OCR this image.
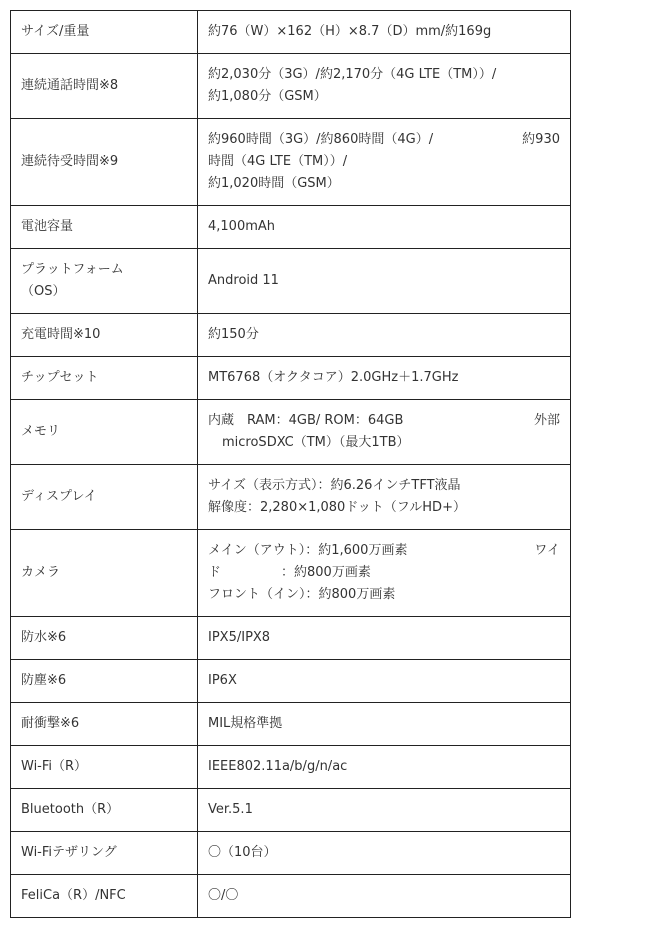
サイズ/重量	約76（W）×162（H）×8.7（D）mm/約169g

連続通話時間※8	約2,030分（3G）/約2,170分（4G LTE（TM））/
約1,080分（GSM）

連続待受時間※9	約960時間（3G）/約860時間（4G）/ 約930
時間（4G LTE（TM））/
約1,020時間（GSM）

電池容量	4,100mAh

プラットフォーム
（OS）	Android 11

充電時間※10	約150分

チップセット	MT6768（オクタコア）2.0GHz＋1.7GHz

メモリ	内蔵　RAM：4GB/ ROM：64GB 外部
microSDXC（TM）（最大1TB）

ディスプレイ	サイズ（表示方式）：約6.26インチTFT液晶
解像度：2,280×1,080ドット（フルHD+）

カメラ	メイン（アウト）：約1,600万画素 ワイ
ド ：約800万画素
フロント（イン）：約800万画素

防水※6	IPX5/IPX8

防塵※6	IP6X

耐衝撃※6	MIL規格準拠

Wi-Fi（R）	IEEE802.11a/b/g/n/ac

Bluetooth（R）	Ver.5.1

Wi-Fiテザリング	〇（10台）

FeliCa（R）/NFC	〇/〇
